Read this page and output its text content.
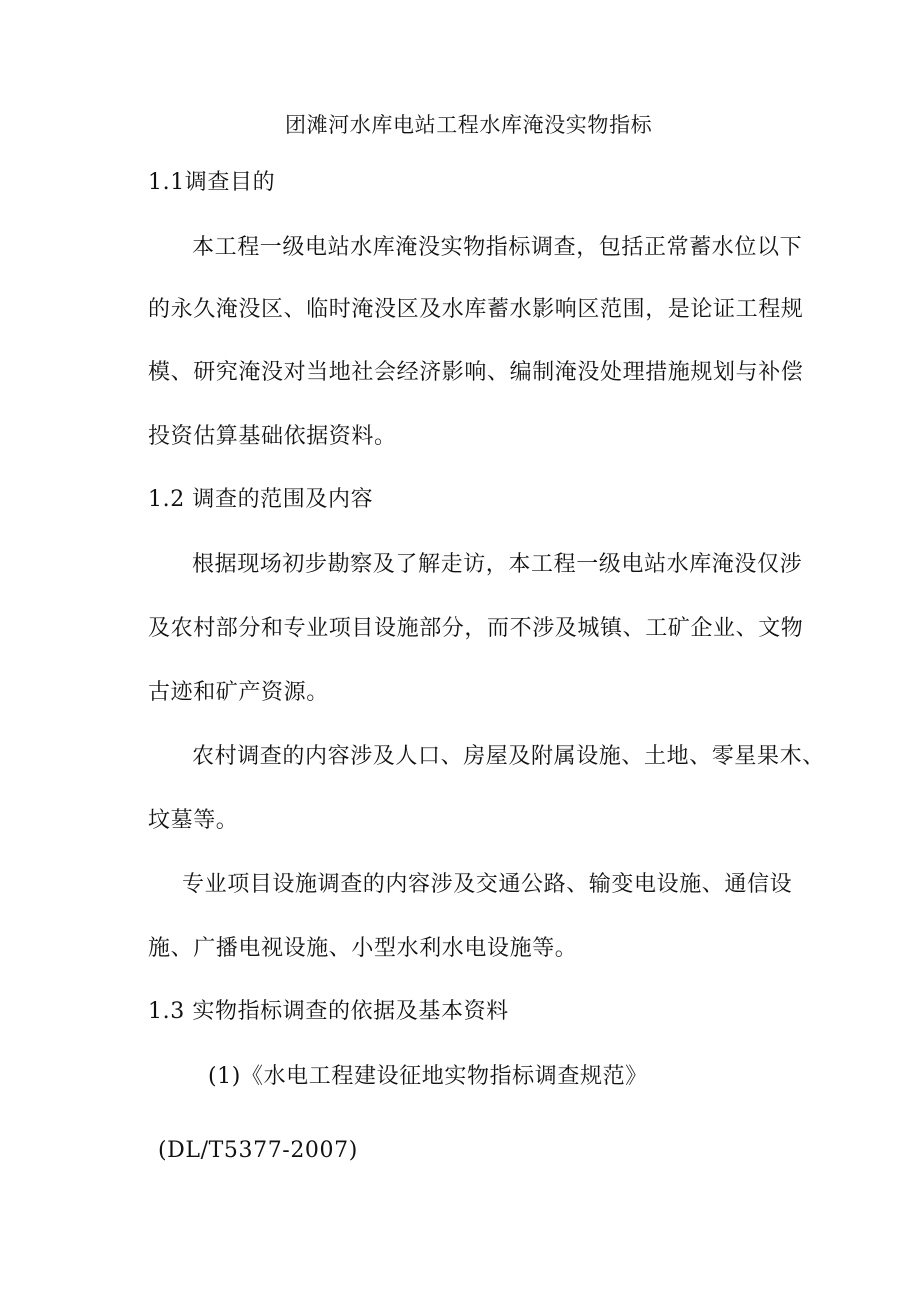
团滩河水库电站工程水库淹没实物指标

1.1调查目的

本工程一级电站水库淹没实物指标调查，包括正常蓄水位以下

的永久淹没区、临时淹没区及水库蓄水影响区范围，是论证工程规

模、研究淹没对当地社会经济影响、编制淹没处理措施规划与补偿

投资估算基础依据资料。

1.2 调查的范围及内容

根据现场初步勘察及了解走访，本工程一级电站水库淹没仅涉

及农村部分和专业项目设施部分，而不涉及城镇、工矿企业、文物

古迹和矿产资源。

农村调查的内容涉及人口、房屋及附属设施、土地、零星果木、

坟墓等。

专业项目设施调查的内容涉及交通公路、输变电设施、通信设

施、广播电视设施、小型水利水电设施等。

1.3 实物指标调查的依据及基本资料

(1)《水电工程建设征地实物指标调查规范》

(DL/T5377-2007)
